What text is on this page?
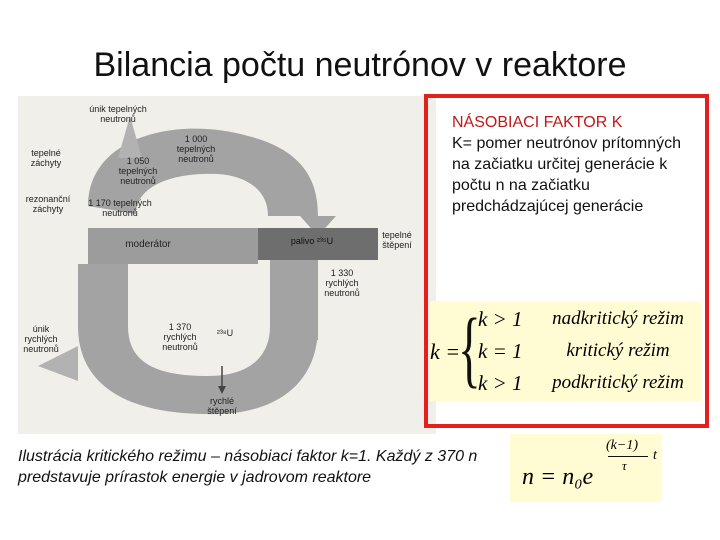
Bilancia počtu neutrónov v reaktore
únik tepelných neutronů
tepelné záchyty
rezonanční záchyty
1 000 tepelných neutronů
1 050 tepelných neutronů
1 170 tepelných neutronů
moderátor	palivo ²³⁵U
tepelné štěpení
1 330 rychlých neutronů
únik rychlých neutronů
1 370 rychlých neutronů
²³⁸U
rychlé štěpení
NÁSOBIACI FAKTOR K
K= pomer neutrónov prítomných na začiatku určitej generácie k počtu n na začiatku predchádzajúcej generácie
k =
{
k > 1	nadkritický režim
k = 1	kritický režim
k > 1	podkritický režim
Ilustrácia kritického režimu – násobiaci faktor k=1. Každý z 370 n predstavuje prírastok energie v jadrovom reaktore	n = n₀e
(k−1)
τ
t
